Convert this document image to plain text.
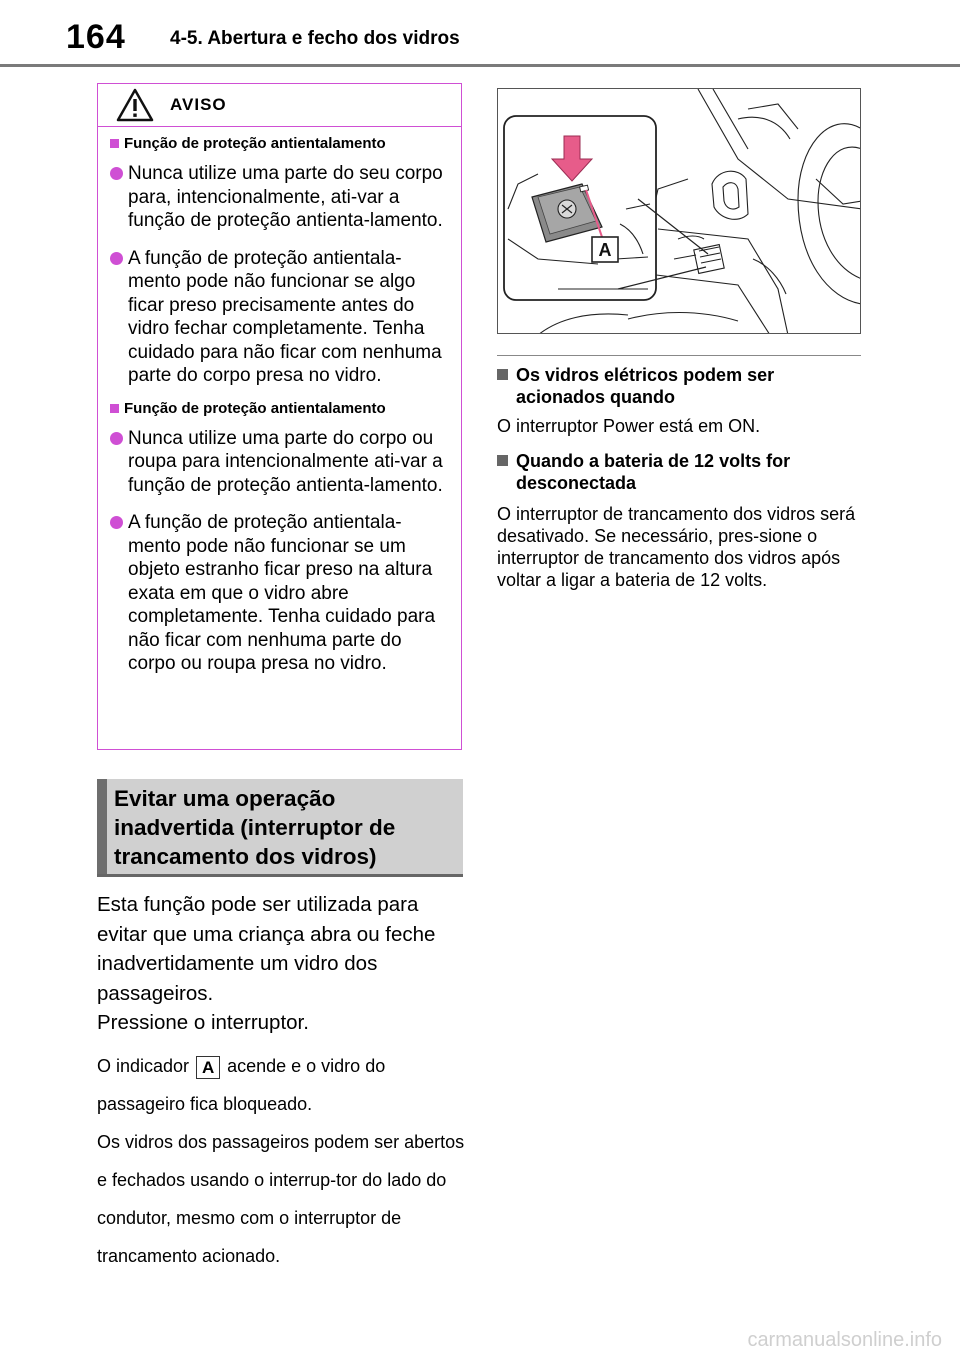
164 4-5. Abertura e fecho dos vidros
AVISO
Função de proteção antientalamento

Nunca utilize uma parte do seu corpo para, intencionalmente, ati-var a função de proteção antienta-lamento.

A função de proteção antientala-mento pode não funcionar se algo ficar preso precisamente antes do vidro fechar completamente. Tenha cuidado para não ficar com nenhuma parte do corpo presa no vidro.

Função de proteção antientalamento

Nunca utilize uma parte do corpo ou roupa para intencionalmente ati-var a função de proteção antienta-lamento.

A função de proteção antientala-mento pode não funcionar se um objeto estranho ficar preso na altura exata em que o vidro abre completamente. Tenha cuidado para não ficar com nenhuma parte do corpo ou roupa presa no vidro.

Evitar uma operação inadvertida (interruptor de trancamento dos vidros)

Esta função pode ser utilizada para evitar que uma criança abra ou feche inadvertidamente um vidro dos passageiros.

Pressione o interruptor.

O indicador A acende e o vidro do passageiro fica bloqueado.

Os vidros dos passageiros podem ser abertos e fechados usando o interrup-tor do lado do condutor, mesmo com o interruptor de trancamento acionado.

A
Os vidros elétricos podem ser acionados quando

O interruptor Power está em ON.

Quando a bateria de 12 volts for desconectada

O interruptor de trancamento dos vidros será desativado. Se necessário, pres-sione o interruptor de trancamento dos vidros após voltar a ligar a bateria de 12 volts.

carmanualsonline.info
